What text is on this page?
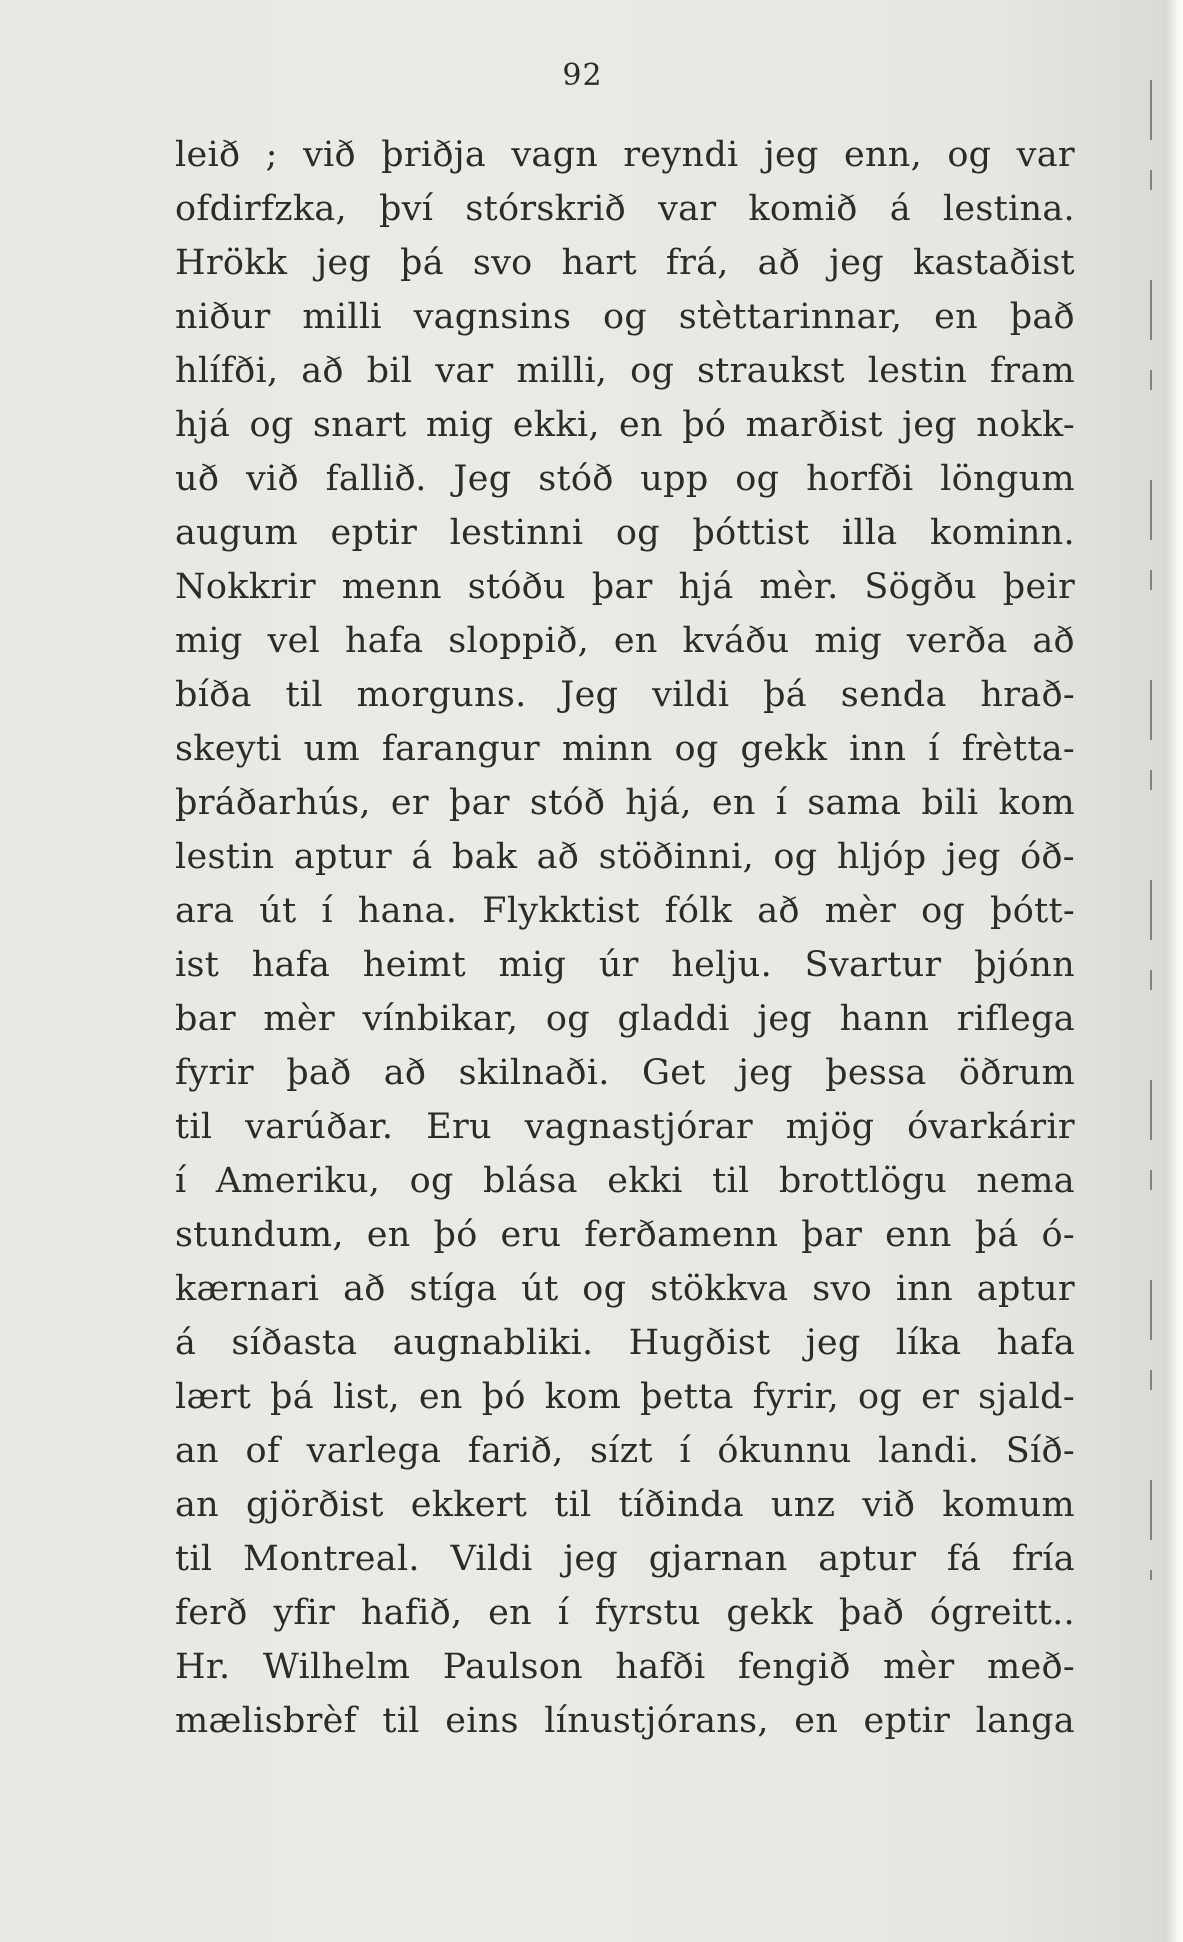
92
leið ; við þriðja vagn reyndi jeg enn, og var
ofdirfzka, því stórskrið var komið á lestina.
Hrökk jeg þá svo hart frá, að jeg kastaðist
niður milli vagnsins og stèttarinnar, en það
hlífði, að bil var milli, og straukst lestin fram
hjá og snart mig ekki, en þó marðist jeg nokk-
uð við fallið. Jeg stóð upp og horfði löngum
augum eptir lestinni og þóttist illa kominn.
Nokkrir menn stóðu þar hjá mèr. Sögðu þeir
mig vel hafa sloppið, en kváðu mig verða að
bíða til morguns. Jeg vildi þá senda hrað-
skeyti um farangur minn og gekk inn í frètta-
þráðarhús, er þar stóð hjá, en í sama bili kom
lestin aptur á bak að stöðinni, og hljóp jeg óð-
ara út í hana. Flykktist fólk að mèr og þótt-
ist hafa heimt mig úr helju. Svartur þjónn
bar mèr vínbikar, og gladdi jeg hann riflega
fyrir það að skilnaði. Get jeg þessa öðrum
til varúðar. Eru vagnastjórar mjög óvarkárir
í Ameriku, og blása ekki til brottlögu nema
stundum, en þó eru ferðamenn þar enn þá ó-
kærnari að stíga út og stökkva svo inn aptur
á síðasta augnabliki. Hugðist jeg líka hafa
lært þá list, en þó kom þetta fyrir, og er sjald-
an of varlega farið, sízt í ókunnu landi. Síð-
an gjörðist ekkert til tíðinda unz við komum
til Montreal. Vildi jeg gjarnan aptur fá fría
ferð yfir hafið, en í fyrstu gekk það ógreitt..
Hr. Wilhelm Paulson hafði fengið mèr með-
mælisbrèf til eins línustjórans, en eptir langa
